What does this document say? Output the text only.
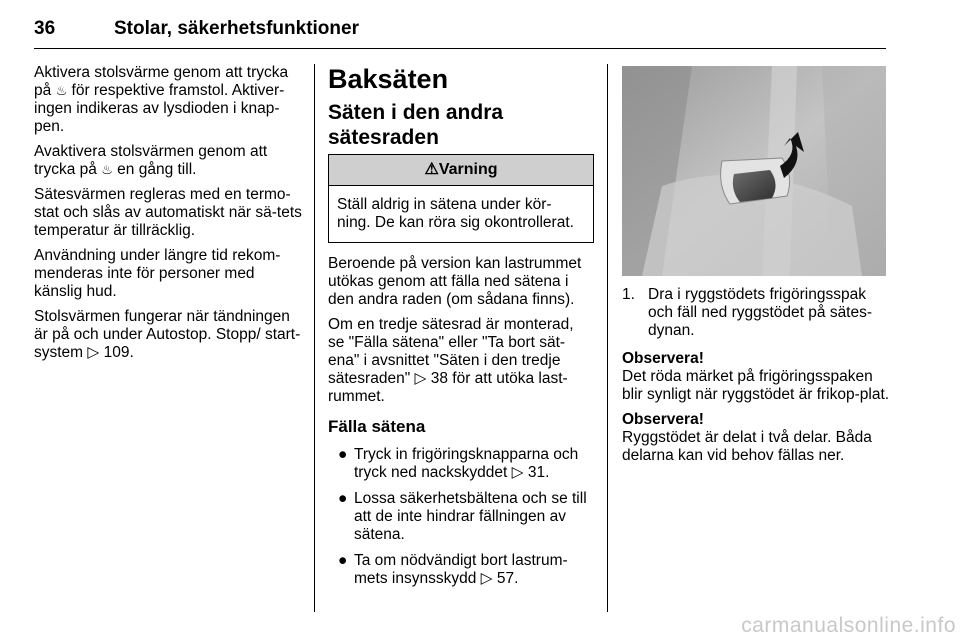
36	Stolar, säkerhetsfunktioner

Aktivera stolsvärme genom att trycka på ♨ för respektive framstol. Aktiver-ingen indikeras av lysdioden i knap-pen.

Avaktivera stolsvärmen genom att trycka på ♨ en gång till.

Sätesvärmen regleras med en termo-stat och slås av automatiskt när sä-tets temperatur är tillräcklig.

Användning under längre tid rekom-menderas inte för personer med känslig hud.

Stolsvärmen fungerar när tändningen är på och under Autostop. Stopp/ start-system ▷ 109.

Baksäten
Säten i den andra sätesraden
⚠Varning
Ställ aldrig in sätena under kör-ning. De kan röra sig okontrollerat.

Beroende på version kan lastrummet utökas genom att fälla ned sätena i den andra raden (om sådana finns).

Om en tredje sätesrad är monterad, se "Fälla sätena" eller "Ta bort sät-ena" i avsnittet "Säten i den tredje sätesraden" ▷ 38 för att utöka last-rummet.

Fälla sätena
● Tryck in frigöringsknapparna och tryck ned nackskyddet ▷ 31.
● Lossa säkerhetsbältena och se till att de inte hindrar fällningen av sätena.
● Ta om nödvändigt bort lastrum-mets insynsskydd ▷ 57.
1. Dra i ryggstödets frigöringsspak och fäll ned ryggstödet på sätes-dynan.
Observera!

Det röda märket på frigöringsspaken blir synligt när ryggstödet är frikop-plat.

Observera!

Ryggstödet är delat i två delar. Båda delarna kan vid behov fällas ner.

carmanualsonline.info
